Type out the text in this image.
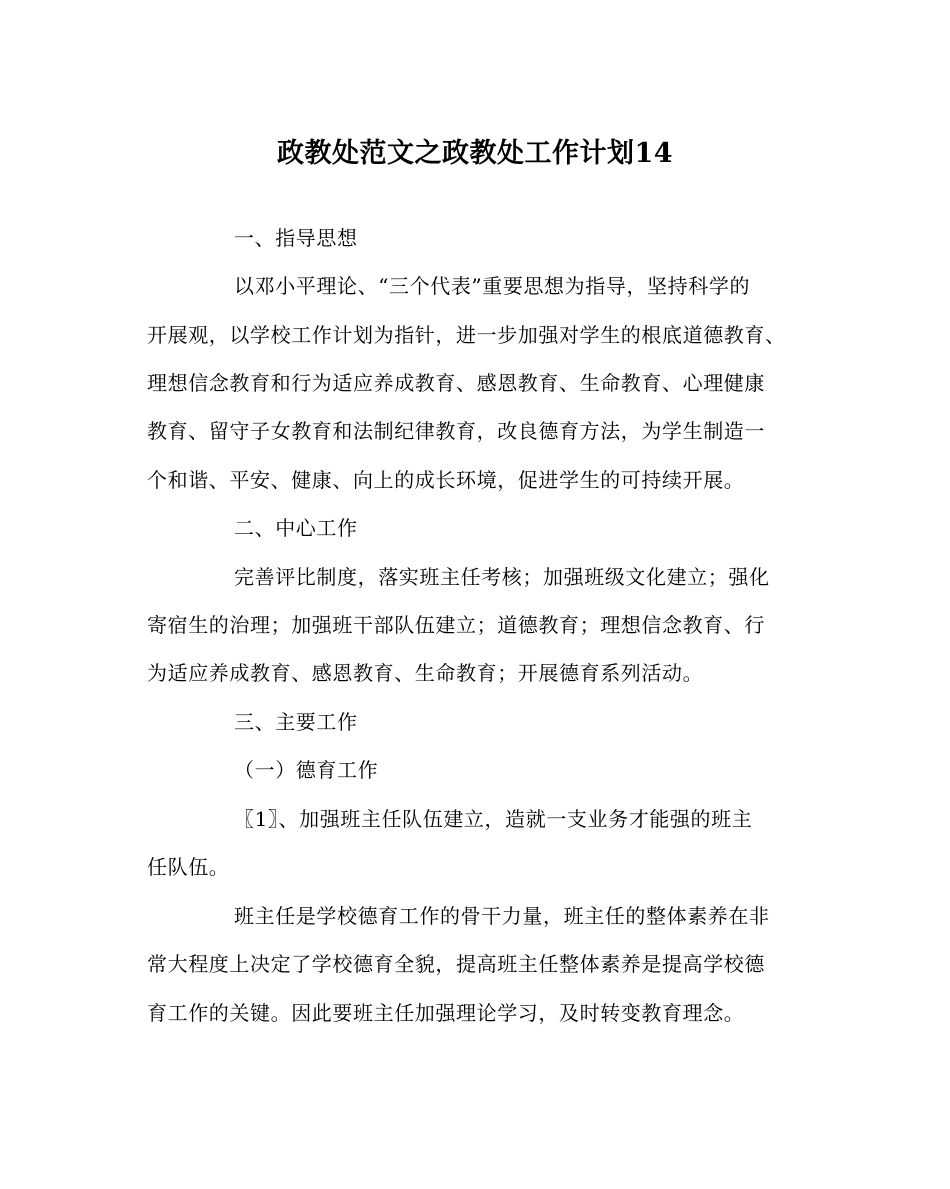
政教处范文之政教处工作计划14
一、指导思想
以邓小平理论、“三个代表”重要思想为指导，坚持科学的
开展观，以学校工作计划为指针，进一步加强对学生的根底道德教育、
理想信念教育和行为适应养成教育、感恩教育、生命教育、心理健康
教育、留守子女教育和法制纪律教育，改良德育方法，为学生制造一
个和谐、平安、健康、向上的成长环境，促进学生的可持续开展。
二、中心工作
完善评比制度，落实班主任考核；加强班级文化建立；强化
寄宿生的治理；加强班干部队伍建立；道德教育；理想信念教育、行
为适应养成教育、感恩教育、生命教育；开展德育系列活动。
三、主要工作
（一）德育工作
〖1〗、加强班主任队伍建立，造就一支业务才能强的班主
任队伍。
班主任是学校德育工作的骨干力量，班主任的整体素养在非
常大程度上决定了学校德育全貌，提高班主任整体素养是提高学校德
育工作的关键。因此要班主任加强理论学习，及时转变教育理念。
